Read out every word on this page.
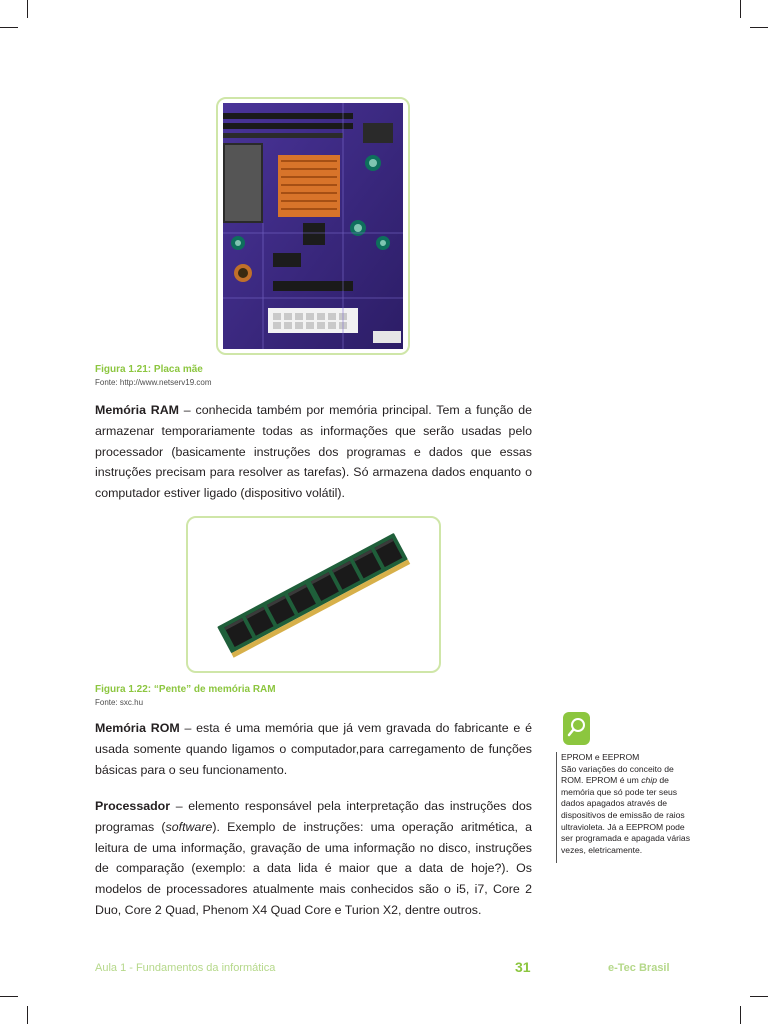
Figura 1.21: Placa mãe
Fonte: http://www.netserv19.com

Memória RAM – conhecida também por memória principal. Tem a função de armazenar temporariamente todas as informações que serão usadas pelo processador (basicamente instruções dos programas e dados que essas instruções precisam para resolver as tarefas). Só armazena dados enquanto o computador estiver ligado (dispositivo volátil).

Figura 1.22: “Pente” de memória RAM
Fonte: sxc.hu

Memória ROM – esta é uma memória que já vem gravada do fabricante e é usada somente quando ligamos o computador,para carregamento de funções básicas para o seu funcionamento.

Processador – elemento responsável pela interpretação das instruções dos programas (software). Exemplo de instruções: uma operação aritmética, a leitura de uma informação, gravação de uma informação no disco, instruções de comparação (exemplo: a data lida é maior que a data de hoje?). Os modelos de processadores atualmente mais conhecidos são o i5, i7, Core 2 Duo, Core 2 Quad, Phenom X4 Quad Core e Turion X2, dentre outros.

EPROM e EEPROM
São variações do conceito de ROM. EPROM é um chip de memória que só pode ter seus dados apagados através de dispositivos de emissão de raios ultravioleta. Já a EEPROM pode ser programada e apagada várias vezes, eletricamente.
Aula 1 - Fundamentos da informática	31	e-Tec Brasil
